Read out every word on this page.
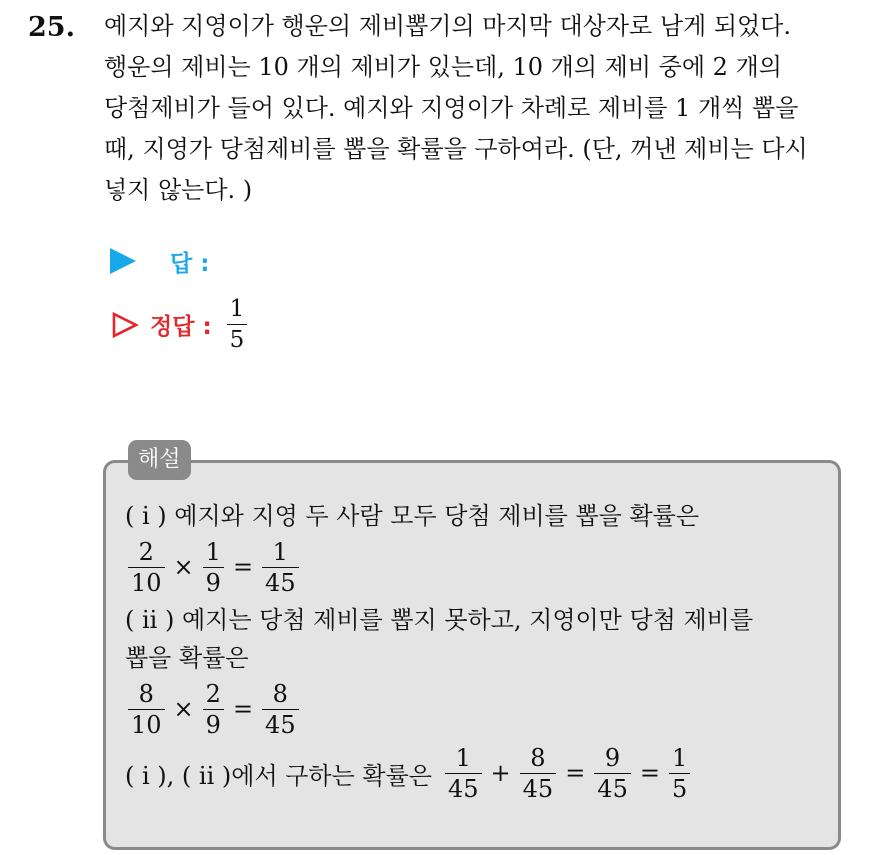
25. 예지와 지영이가 행운의 제비뽑기의 마지막 대상자로 남게 되었다.
행운의 제비는 10 개의 제비가 있는데, 10 개의 제비 중에 2 개의
당첨제비가 들어 있다. 예지와 지영이가 차례로 제비를 1 개씩 뽑을
때, 지영가 당첨제비를 뽑을 확률을 구하여라. (단, 꺼낸 제비는 다시
넣지 않는다. )
답 :
정답 : $\frac{1}{5}$
해설
( i ) 예지와 지영 두 사람 모두 당첨 제비를 뽑을 확률은
$\frac{2}{10} \times \frac{1}{9} = \frac{1}{45}$
( ii ) 예지는 당첨 제비를 뽑지 못하고, 지영이만 당첨 제비를
뽑을 확률은
$\frac{8}{10} \times \frac{2}{9} = \frac{8}{45}$
( i ), ( ii )에서 구하는 확률은 $\frac{1}{45} + \frac{8}{45} = \frac{9}{45} = \frac{1}{5}$
